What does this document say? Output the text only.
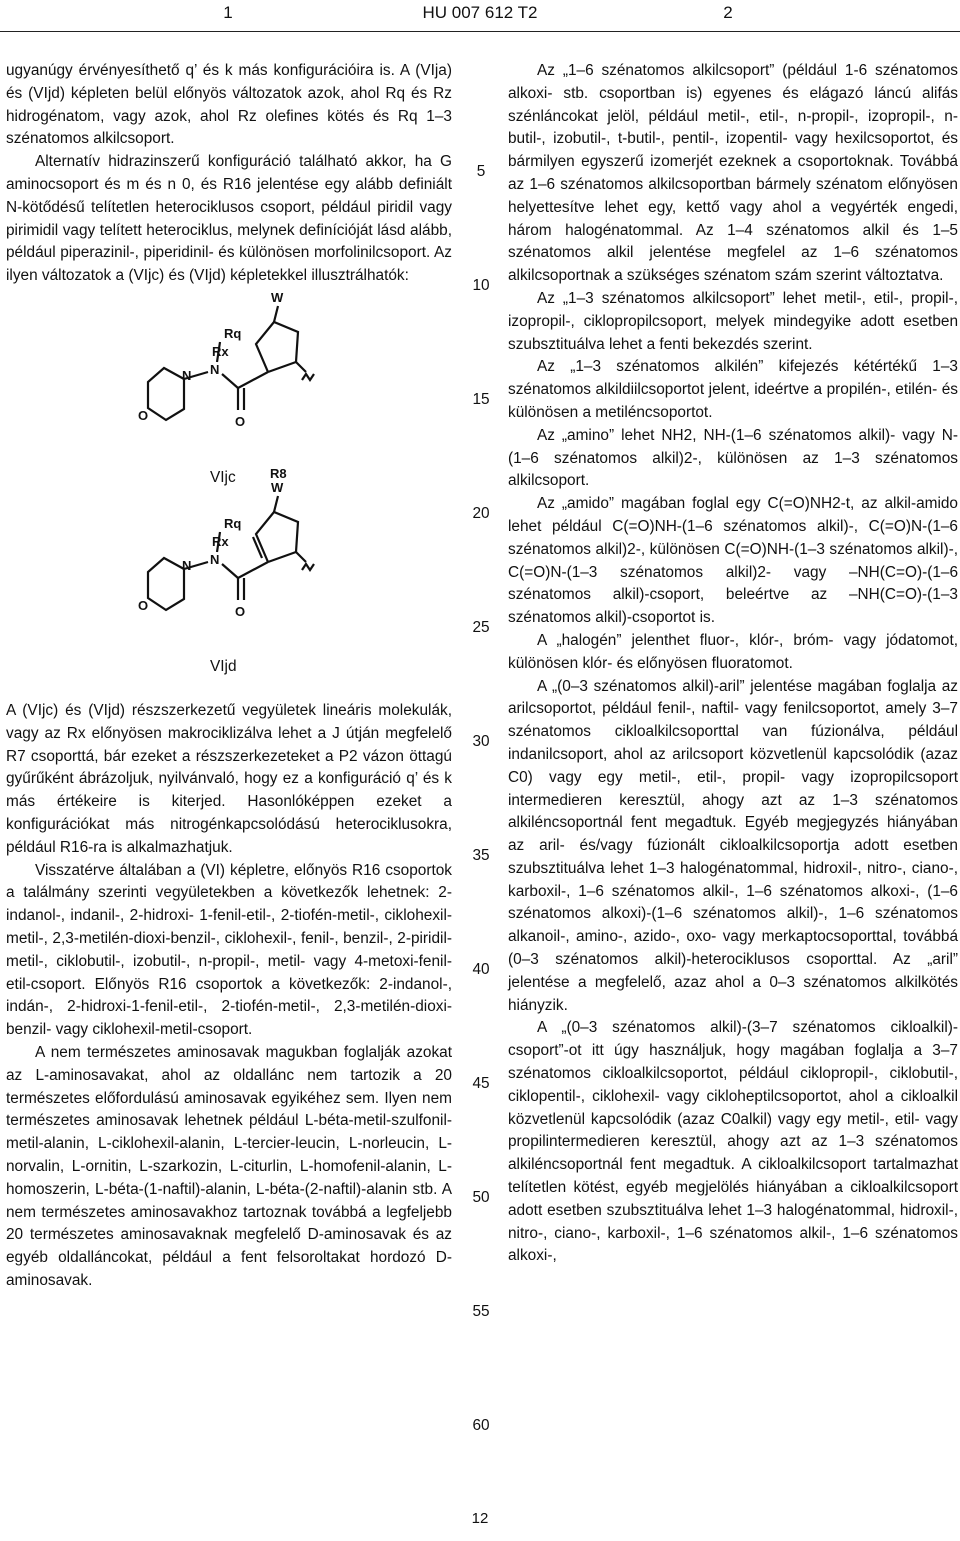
1	HU 007 612 T2	2

ugyanúgy érvényesíthető q’ és k más konfigurációira is. A (VIja) és (VIjd) képleten belül előnyös változatok azok, ahol Rq és Rz hidrogénatom, vagy azok, ahol Rz olefines kötés és Rq 1–3 szénatomos alkilcsoport.

Alternatív hidrazinszerű konfiguráció található akkor, ha G aminocsoport és m és n 0, és R16 jelentése egy alább definiált N-kötődésű telítetlen heterociklusos csoport, például piridil vagy pirimidil vagy telített heterociklus, melynek definícióját lásd alább, például piperazinil-, piperidinil- és különösen morfolinilcsoport. Az ilyen változatok a (VIjc) és (VIjd) képletekkel illusztrálhatók:

W
Rq
Rx
N
N
O	O
R8
W
Rq
Rx
N
N
O	O
VIjc
VIjd

A (VIjc) és (VIjd) részszerkezetű vegyületek lineáris molekulák, vagy az Rx előnyösen makrociklizálva lehet a J útján megfelelő R7 csoporttá, bár ezeket a részszerkezeteket a P2 vázon öttagú gyűrűként ábrázoljuk, nyilvánvaló, hogy ez a konfiguráció q’ és k más értékeire is kiterjed. Hasonlóképpen ezeket a konfigurációkat más nitrogénkapcsolódású heterociklusokra, például R16-ra is alkalmazhatjuk.

Visszatérve általában a (VI) képletre, előnyös R16 csoportok a találmány szerinti vegyületekben a következők lehetnek: 2-indanol-, indanil-, 2-hidroxi- 1-fenil-etil-, 2-tiofén-metil-, ciklohexil-metil-, 2,3-metilén-dioxi-benzil-, ciklohexil-, fenil-, benzil-, 2-piridil-metil-, ciklobutil-, izobutil-, n-propil-, metil- vagy 4-metoxi-fenil-etil-csoport. Előnyös R16 csoportok a következők: 2-indanol-, indán-, 2-hidroxi-1-fenil-etil-, 2-tiofén-metil-, 2,3-metilén-dioxi-benzil- vagy ciklohexil-metil-csoport.

A nem természetes aminosavak magukban foglalják azokat az L-aminosavakat, ahol az oldallánc nem tartozik a 20 természetes előfordulású aminosavak egyikéhez sem. Ilyen nem természetes aminosavak lehetnek például L-béta-metil-szulfonil-metil-alanin, L-ciklohexil-alanin, L-tercier-leucin, L-norleucin, L-norvalin, L-ornitin, L-szarkozin, L-citurlin, L-homofenil-alanin, L-homoszerin, L-béta-(1-naftil)-alanin, L-béta-(2-naftil)-alanin stb. A nem természetes aminosavakhoz tartoznak továbbá a legfeljebb 20 természetes aminosavaknak megfelelő D-aminosavak és az egyéb oldalláncokat, például a fent felsoroltakat hordozó D-aminosavak.

5
10
15
20
25
30
35
40
45
50
55
60

Az „1–6 szénatomos alkilcsoport” (például 1-6 szénatomos alkoxi- stb. csoportban is) egyenes és elágazó láncú alifás szénláncokat jelöl, például metil-, etil-, n-propil-, izopropil-, n-butil-, izobutil-, t-butil-, pentil-, izopentil- vagy hexilcsoportot, és bármilyen egyszerű izomerjét ezeknek a csoportoknak. Továbbá az 1–6 szénatomos alkilcsoportban bármely szénatom előnyösen helyettesítve lehet egy, kettő vagy ahol a vegyérték engedi, három halogénatommal. Az 1–4 szénatomos alkil és 1–5 szénatomos alkil jelentése megfelel az 1–6 szénatomos alkilcsoportnak a szükséges szénatom szám szerint változtatva.

Az „1–3 szénatomos alkilcsoport” lehet metil-, etil-, propil-, izopropil-, ciklopropilcsoport, melyek mindegyike adott esetben szubsztituálva lehet a fenti bekezdés szerint.

Az „1–3 szénatomos alkilén” kifejezés kétértékű 1–3 szénatomos alkildiilcsoportot jelent, ideértve a propilén-, etilén- és különösen a metiléncsoportot.

Az „amino” lehet NH2, NH-(1–6 szénatomos alkil)- vagy N-(1–6 szénatomos alkil)2-, különösen az 1–3 szénatomos alkilcsoport.

Az „amido” magában foglal egy C(=O)NH2-t, az alkil-amido lehet például C(=O)NH-(1–6 szénatomos alkil)-, C(=O)N-(1–6 szénatomos alkil)2-, különösen C(=O)NH-(1–3 szénatomos alkil)-, C(=O)N-(1–3 szénatomos alkil)2- vagy –NH(C=O)-(1–6 szénatomos alkil)-csoport, beleértve az –NH(C=O)-(1–3 szénatomos alkil)-csoportot is.

A „halogén” jelenthet fluor-, klór-, bróm- vagy jódatomot, különösen klór- és előnyösen fluoratomot.

A „(0–3 szénatomos alkil)-aril” jelentése magában foglalja az arilcsoportot, például fenil-, naftil- vagy fenilcsoportot, amely 3–7 szénatomos cikloalkilcsoporttal van fúzionálva, például indanilcsoport, ahol az arilcsoport közvetlenül kapcsolódik (azaz C0) vagy egy metil-, etil-, propil- vagy izopropilcsoport intermedieren keresztül, ahogy azt az 1–3 szénatomos alkiléncsoportnál fent megadtuk. Egyéb megjegyzés hiányában az aril- és/vagy fúzionált cikloalkilcsoportja adott esetben szubsztituálva lehet 1–3 halogénatommal, hidroxil-, nitro-, ciano-, karboxil-, 1–6 szénatomos alkil-, 1–6 szénatomos alkoxi-, (1–6 szénatomos alkoxi)-(1–6 szénatomos alkil)-, 1–6 szénatomos alkanoil-, amino-, azido-, oxo- vagy merkaptocsoporttal, továbbá (0–3 szénatomos alkil)-heterociklusos csoporttal. Az „aril” jelentése a megfelelő, azaz ahol a 0–3 szénatomos alkilkötés hiányzik.

A „(0–3 szénatomos alkil)-(3–7 szénatomos cikloalkil)-csoport”-ot itt úgy használjuk, hogy magában foglalja a 3–7 szénatomos cikloalkilcsoportot, például ciklopropil-, ciklobutil-, ciklopentil-, ciklohexil- vagy cikloheptilcsoportot, ahol a cikloalkil közvetlenül kapcsolódik (azaz C0alkil) vagy egy metil-, etil- vagy propilintermedieren keresztül, ahogy azt az 1–3 szénatomos alkiléncsoportnál fent megadtuk. A cikloalkilcsoport tartalmazhat telítetlen kötést, egyéb megjelölés hiányában a cikloalkilcsoport adott esetben szubsztituálva lehet 1–3 halogénatommal, hidroxil-, nitro-, ciano-, karboxil-, 1–6 szénatomos alkil-, 1–6 szénatomos alkoxi-,

12
